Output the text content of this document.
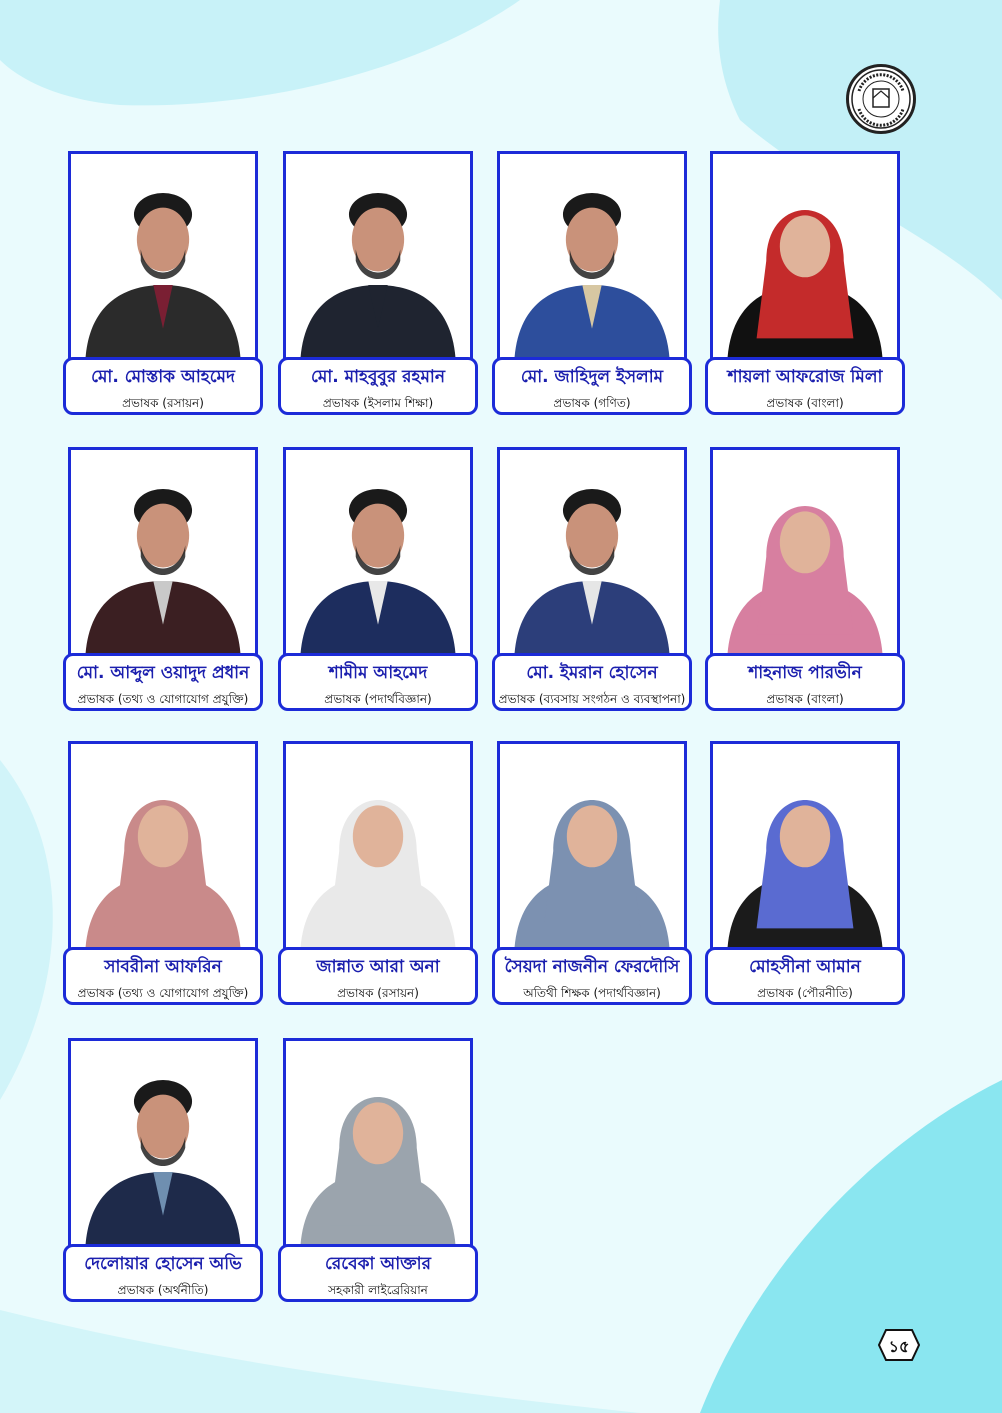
মো. মোস্তাক আহমেদ
প্রভাষক (রসায়ন)
মো. মাহবুবুর রহমান
প্রভাষক (ইসলাম শিক্ষা)
মো. জাহিদুল ইসলাম
প্রভাষক (গণিত)
শায়লা আফরোজ মিলা
প্রভাষক (বাংলা)
মো. আব্দুল ওয়াদুদ প্রধান
প্রভাষক (তথ্য ও যোগাযোগ প্রযুক্তি)
শামীম আহমেদ
প্রভাষক (পদার্থবিজ্ঞান)
মো. ইমরান হোসেন
প্রভাষক (ব্যবসায় সংগঠন ও ব্যবস্থাপনা)
শাহনাজ পারভীন
প্রভাষক (বাংলা)
সাবরীনা আফরিন
প্রভাষক (তথ্য ও যোগাযোগ প্রযুক্তি)
জান্নাত আরা অনা
প্রভাষক (রসায়ন)
সৈয়দা নাজনীন ফেরদৌসি
অতিথী শিক্ষক (পদার্থবিজ্ঞান)
মোহসীনা আমান
প্রভাষক (পৌরনীতি)
দেলোয়ার হোসেন অভি
প্রভাষক (অর্থনীতি)
রেবেকা আক্তার
সহকারী লাইব্রেরিয়ান
১৫
